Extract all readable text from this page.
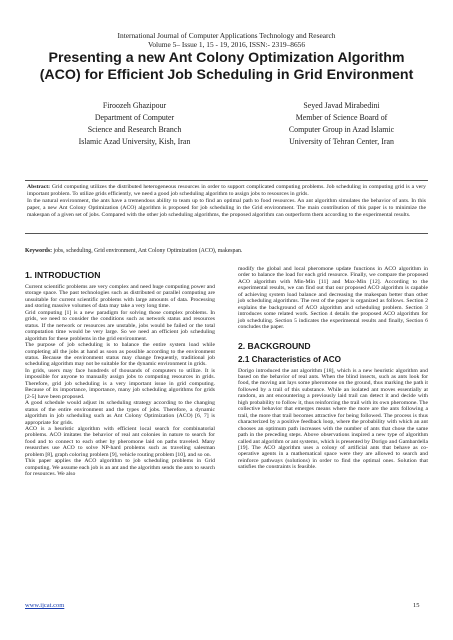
International Journal of Computer Applications Technology and Research
Volume 5– Issue 1, 15 - 19, 2016, ISSN:- 2319–8656
Presenting a new Ant Colony Optimization Algorithm
(ACO) for Efficient Job Scheduling in Grid Environment
Firoozeh Ghazipour
Department of Computer
Science and Research Branch
Islamic Azad University, Kish, Iran
Seyed Javad Mirabedini
Member of Science Board of
Computer Group in Azad Islamic
University of Tehran Center, Iran

Abstract: Grid computing utilizes the distributed heterogeneous resources in order to support complicated computing problems. Job scheduling in computing grid is a very important problem. To utilize grids efficiently, we need a good job scheduling algorithm to assign jobs to resources in grids.

In the natural environment, the ants have a tremendous ability to team up to find an optimal path to food resources. An ant algorithm simulates the behavior of ants. In this paper, a new Ant Colony Optimization (ACO) algorithm is proposed for job scheduling in the Grid environment. The main contribution of this paper is to minimize the makespan of a given set of jobs. Compared with the other job scheduling algorithms, the proposed algorithm can outperform them according to the experimental results.

Keywords: jobs, scheduling, Grid environment, Ant Colony Optimization (ACO), makespan.
1. INTRODUCTION

Current scientific problems are very complex and need huge computing power and storage space. The past technologies such as distributed or parallel computing are unsuitable for current scientific problems with large amounts of data. Processing and storing massive volumes of data may take a very long time.

Grid computing [1] is a new paradigm for solving those complex problems. In grids, we need to consider the conditions such as network status and resources status. If the network or resources are unstable, jobs would be failed or the total computation time would be very large. So we need an efficient job scheduling algorithm for these problems in the grid environment.

The purpose of job scheduling is to balance the entire system load while completing all the jobs at hand as soon as possible according to the environment status. Because the environment status may change frequently, traditional job scheduling algorithm may not be suitable for the dynamic environment in grids.

In grids, users may face hundreds of thousands of computers to utilize. It is impossible for anyone to manually assign jobs to computing resources in grids. Therefore, grid job scheduling is a very important issue in grid computing. Because of its importance, importance, many job scheduling algorithms for grids [2-5] have been proposed.

A good schedule would adjust its scheduling strategy according to the changing status of the entire environment and the types of jobs. Therefore, a dynamic algorithm in job scheduling such as Ant Colony Optimization (ACO) [6, 7] is appropriate for grids.

ACO is a heuristic algorithm with efficient local search for combinatorial problems. ACO imitates the behavior of real ant colonies in nature to search for food and to connect to each other by pheromone laid on paths traveled. Many researches use ACO to solve NP-hard problems such as traveling salesman problem [8], graph coloring problem [9], vehicle routing problem [10], and so on.

This paper applies the ACO algorithm to job scheduling problems in Grid computing. We assume each job is an ant and the algorithm sends the ants to search for resources. We also

modify the global and local pheromone update functions in ACO algorithm in order to balance the load for each grid resource. Finally, we compare the proposed ACO algorithm with Min-Min [11] and Max-Min [12]. According to the experimental results, we can find out that our proposed ACO algorithm is capable of achieving system load balance and decreasing the makespan better than other job scheduling algorithms. The rest of the paper is organized as follows. Section 2 explains the background of ACO algorithm and scheduling problem. Section 3 introduces some related work. Section 4 details the proposed ACO algorithm for job scheduling. Section 5 indicates the experimental results and finally, Section 6 concludes the paper.

2. BACKGROUND
2.1 Characteristics of ACO

Dorigo introduced the ant algorithm [18], which is a new heuristic algorithm and based on the behavior of real ants. When the blind insects, such as ants look for food, the moving ant lays some pheromone on the ground, thus marking the path it followed by a trail of this substance. While an isolated ant moves essentially at random, an ant encountering a previously laid trail can detect it and decide with high probability to follow it, thus reinforcing the trail with its own pheromone. The collective behavior that emerges means where the more are the ants following a trail, the more that trail becomes attractive for being followed. The process is thus characterized by a positive feedback loop, where the probability with which an ant chooses an optimum path increases with the number of ants that chose the same path in the preceding steps. Above observations inspired a new type of algorithm called ant algorithm or ant systems, which is presented by Dorigo and Gambardella [19]. The ACO algorithm uses a colony of artificial ants that behave as co-operative agents in a mathematical space were they are allowed to search and reinforce pathways (solutions) in order to find the optimal ones. Solution that satisfies the constraints is feasible.

www.ijcat.com	15
